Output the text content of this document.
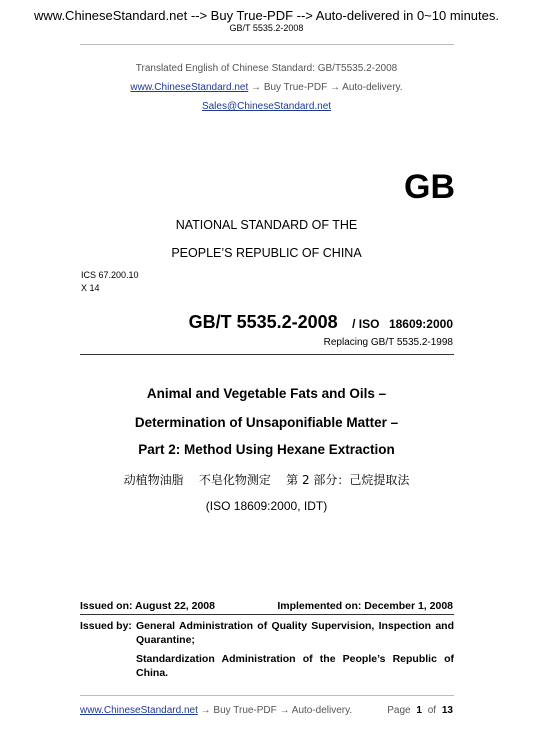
www.ChineseStandard.net --> Buy True-PDF --> Auto-delivered in 0~10 minutes.
GB/T 5535.2-2008
Translated English of Chinese Standard: GB/T5535.2-2008
www.ChineseStandard.net → Buy True-PDF → Auto-delivery.
Sales@ChineseStandard.net
GB
NATIONAL STANDARD OF THE
PEOPLE’S REPUBLIC OF CHINA
ICS 67.200.10
X 14
GB/T 5535.2-2008 / ISO 18609:2000
Replacing GB/T 5535.2-1998
Animal and Vegetable Fats and Oils –
Determination of Unsaponifiable Matter –
Part 2: Method Using Hexane Extraction
动植物油脂    不皂化物测定    第 2 部分：己烷提取法
(ISO 18609:2000, IDT)
Issued on: August 22, 2008	Implemented on: December 1, 2008
Issued by: General Administration of Quality Supervision, Inspection and
Quarantine;
Standardization  Administration  of  the  People’s  Republic  of
China.
www.ChineseStandard.net → Buy True-PDF → Auto-delivery.	Page 1 of 13
